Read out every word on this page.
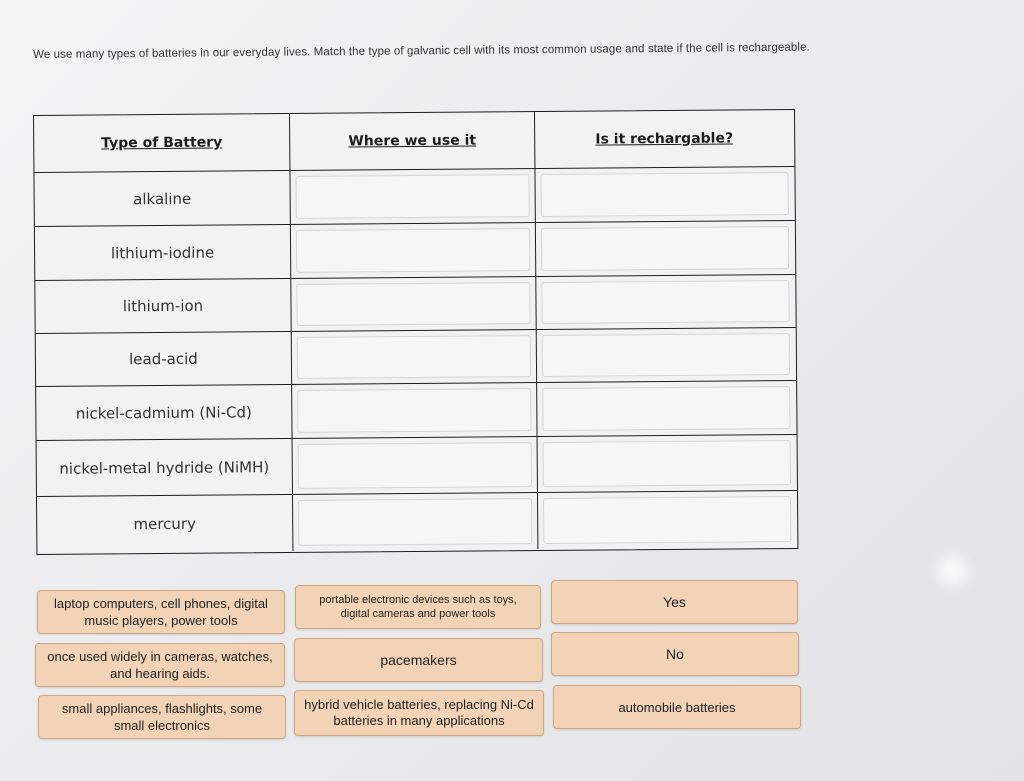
We use many types of batteries in our everyday lives. Match the type of galvanic cell with its most common usage and state if the cell is rechargeable.
Type of Battery	Where we use it	Is it rechargable?
alkaline
lithium-iodine
lithium-ion
lead-acid
nickel-cadmium (Ni-Cd)
nickel-metal hydride (NiMH)
mercury
laptop computers, cell phones, digital music players, power tools
portable electronic devices such as toys, digital cameras and power tools
Yes
once used widely in cameras, watches, and hearing aids.
pacemakers	No
small appliances, flashlights, some small electronics
hybrid vehicle batteries, replacing Ni-Cd batteries in many applications
automobile batteries
